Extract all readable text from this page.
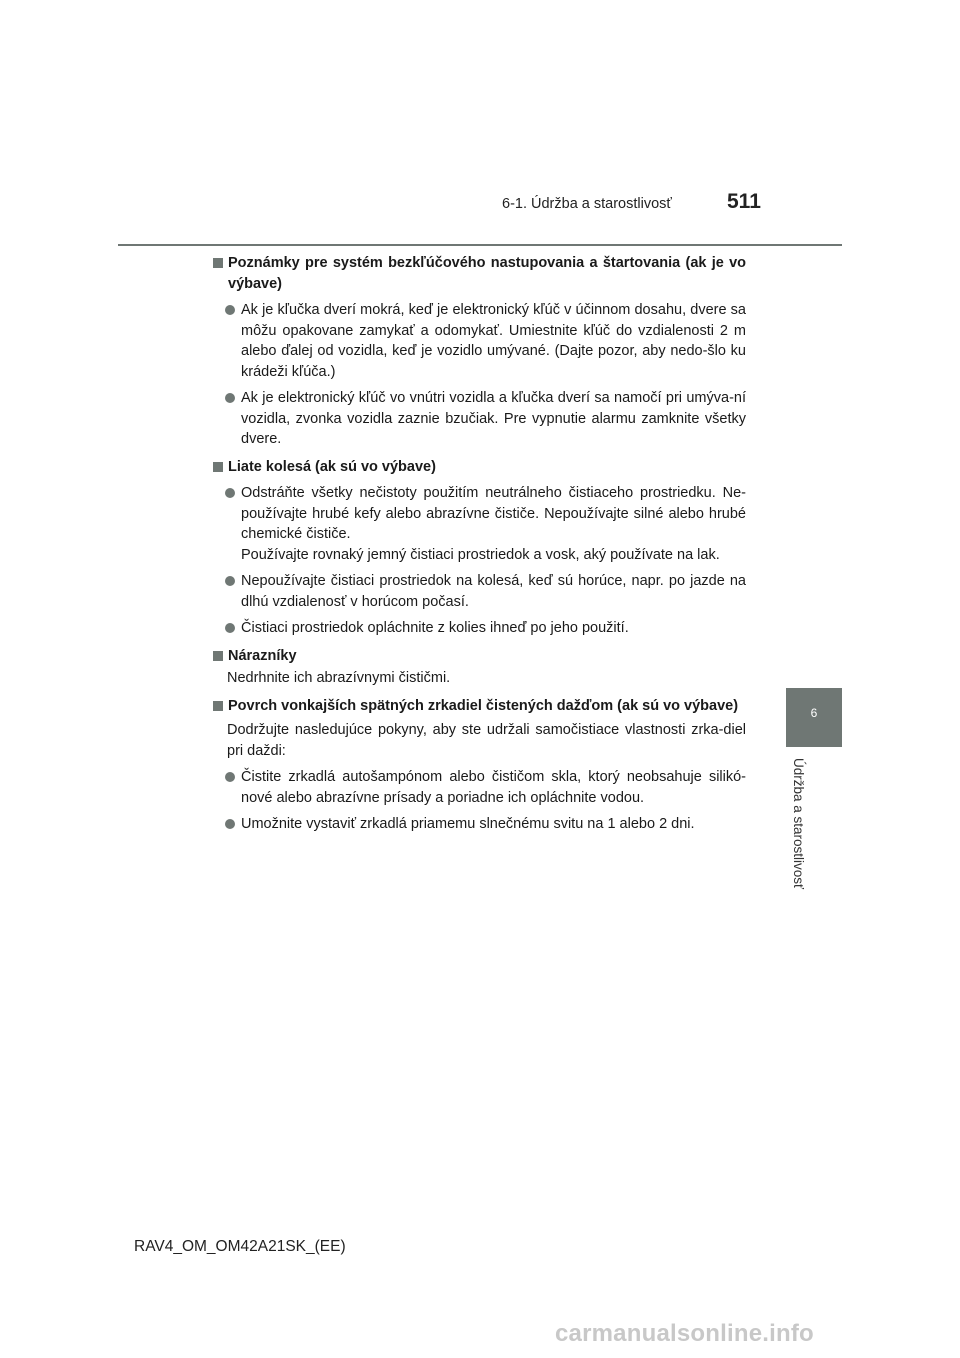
6-1. Údržba a starostlivosť	511
6
Údržba a starostlivosť
Poznámky pre systém bezkľúčového nastupovania a štartovania (ak je vo výbave)
Ak je kľučka dverí mokrá, keď je elektronický kľúč v účinnom dosahu, dvere sa môžu opakovane zamykať a odomykať. Umiestnite kľúč do vzdialenosti 2 m alebo ďalej od vozidla, keď je vozidlo umývané. (Dajte pozor, aby nedo-šlo ku krádeži kľúča.)
Ak je elektronický kľúč vo vnútri vozidla a kľučka dverí sa namočí pri umýva-ní vozidla, zvonka vozidla zaznie bzučiak. Pre vypnutie alarmu zamknite všetky dvere.
Liate kolesá (ak sú vo výbave)
Odstráňte všetky nečistoty použitím neutrálneho čistiaceho prostriedku. Ne-používajte hrubé kefy alebo abrazívne čističe. Nepoužívajte silné alebo hrubé chemické čističe.
Používajte rovnaký jemný čistiaci prostriedok a vosk, aký používate na lak.
Nepoužívajte čistiaci prostriedok na kolesá, keď sú horúce, napr. po jazde na dlhú vzdialenosť v horúcom počasí.
Čistiaci prostriedok opláchnite z kolies ihneď po jeho použití.
Nárazníky
Nedrhnite ich abrazívnymi čističmi.
Povrch vonkajších spätných zrkadiel čistených dažďom (ak sú vo výbave)
Dodržujte nasledujúce pokyny, aby ste udržali samočistiace vlastnosti zrka-diel pri daždi:
Čistite zrkadlá autošampónom alebo čističom skla, ktorý neobsahuje silikó-nové alebo abrazívne prísady a poriadne ich opláchnite vodou.
Umožnite vystaviť zrkadlá priamemu slnečnému svitu na 1 alebo 2 dni.
RAV4_OM_OM42A21SK_(EE)
carmanualsonline.info
